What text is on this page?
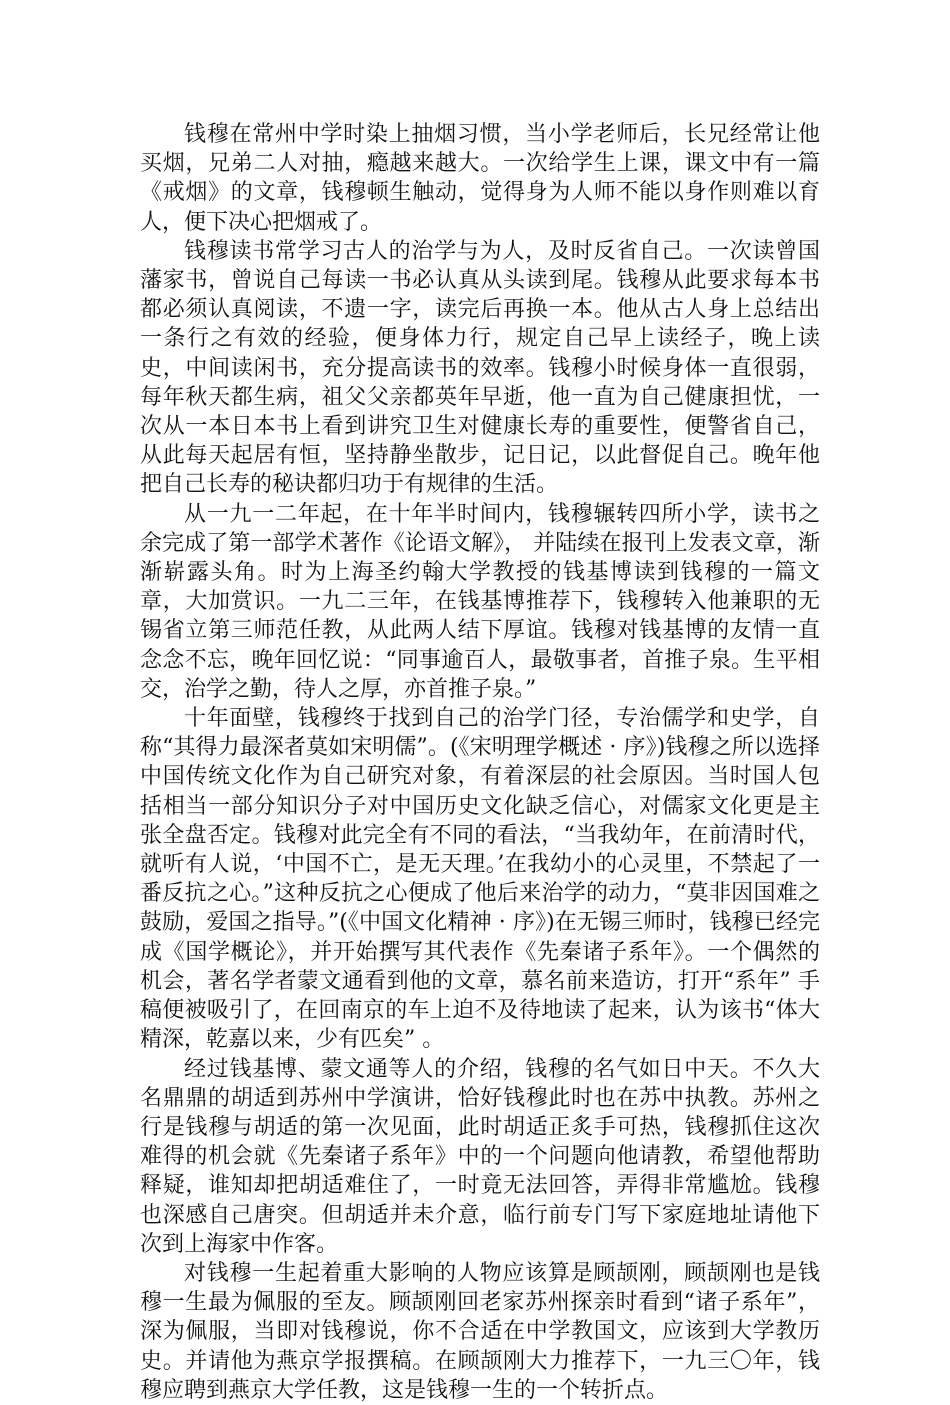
钱穆在常州中学时染上抽烟习惯，当小学老师后，长兄经常让他买烟，兄弟二人对抽，瘾越来越大。一次给学生上课，课文中有一篇《戒烟》的文章，钱穆顿生触动，觉得身为人师不能以身作则难以育人，便下决心把烟戒了。

钱穆读书常学习古人的治学与为人，及时反省自己。一次读曾国藩家书，曾说自己每读一书必认真从头读到尾。钱穆从此要求每本书都必须认真阅读，不遗一字，读完后再换一本。他从古人身上总结出一条行之有效的经验，便身体力行，规定自己早上读经子，晚上读史，中间读闲书，充分提高读书的效率。钱穆小时候身体一直很弱，每年秋天都生病，祖父父亲都英年早逝，他一直为自己健康担忧，一次从一本日本书上看到讲究卫生对健康长寿的重要性，便警省自己，从此每天起居有恒，坚持静坐散步，记日记，以此督促自己。晚年他把自己长寿的秘诀都归功于有规律的生活。

从一九一二年起，在十年半时间内，钱穆辗转四所小学，读书之余完成了第一部学术著作《论语文解》， 并陆续在报刊上发表文章，渐渐崭露头角。时为上海圣约翰大学教授的钱基博读到钱穆的一篇文章，大加赏识。一九二三年，在钱基博推荐下，钱穆转入他兼职的无锡省立第三师范任教，从此两人结下厚谊。钱穆对钱基博的友情一直念念不忘，晚年回忆说：“同事逾百人，最敬事者，首推子泉。生平相交，治学之勤，待人之厚，亦首推子泉。”

十年面壁，钱穆终于找到自己的治学门径，专治儒学和史学，自称“其得力最深者莫如宋明儒”。(《宋明理学概述 · 序》)钱穆之所以选择中国传统文化作为自己研究对象，有着深层的社会原因。当时国人包括相当一部分知识分子对中国历史文化缺乏信心，对儒家文化更是主张全盘否定。钱穆对此完全有不同的看法，“当我幼年，在前清时代，就听有人说，‘中国不亡，是无天理。’在我幼小的心灵里，不禁起了一番反抗之心。”这种反抗之心便成了他后来治学的动力，“莫非因国难之鼓励，爱国之指导。”(《中国文化精神 · 序》)在无锡三师时，钱穆已经完成《国学概论》，并开始撰写其代表作《先秦诸子系年》。一个偶然的机会，著名学者蒙文通看到他的文章，慕名前来造访，打开“系年” 手稿便被吸引了，在回南京的车上迫不及待地读了起来，认为该书“体大精深，乾嘉以来，少有匹矣” 。

经过钱基博、蒙文通等人的介绍，钱穆的名气如日中天。不久大名鼎鼎的胡适到苏州中学演讲，恰好钱穆此时也在苏中执教。苏州之行是钱穆与胡适的第一次见面，此时胡适正炙手可热，钱穆抓住这次难得的机会就《先秦诸子系年》中的一个问题向他请教，希望他帮助释疑，谁知却把胡适难住了，一时竟无法回答，弄得非常尴尬。钱穆也深感自己唐突。但胡适并未介意，临行前专门写下家庭地址请他下次到上海家中作客。

对钱穆一生起着重大影响的人物应该算是顾颉刚，顾颉刚也是钱穆一生最为佩服的至友。顾颉刚回老家苏州探亲时看到“诸子系年”，深为佩服，当即对钱穆说，你不合适在中学教国文，应该到大学教历史。并请他为燕京学报撰稿。在顾颉刚大力推荐下，一九三〇年，钱穆应聘到燕京大学任教，这是钱穆一生的一个转折点。
